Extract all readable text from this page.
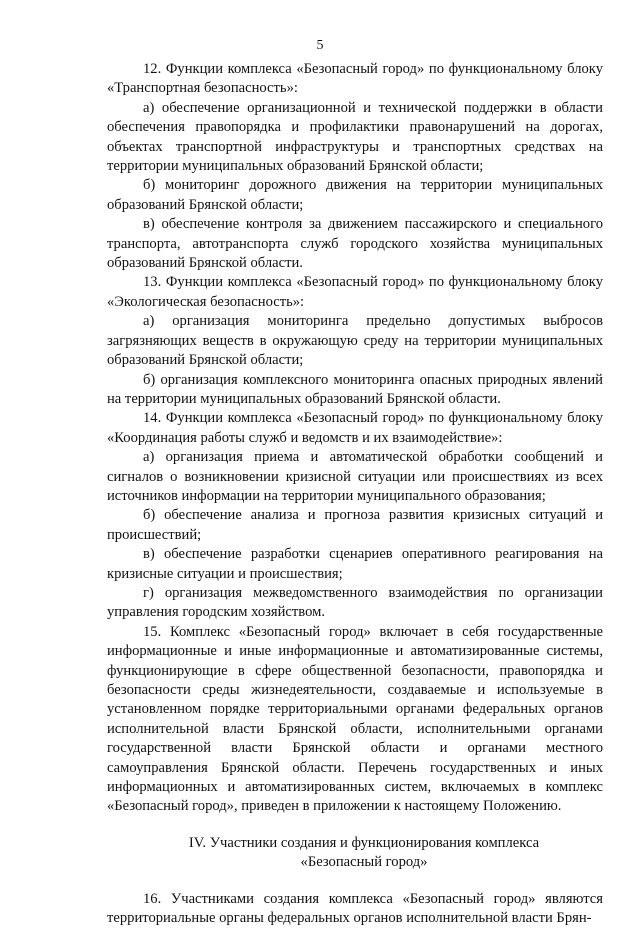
5

12. Функции комплекса «Безопасный город» по функциональному блоку «Транспортная безопасность»:

а) обеспечение организационной и технической поддержки в области обеспечения правопорядка и профилактики правонарушений на дорогах, объектах транспортной инфраструктуры и транспортных средствах на территории муниципальных образований Брянской области;

б) мониторинг дорожного движения на территории муниципальных образований Брянской области;

в) обеспечение контроля за движением пассажирского и специального транспорта, автотранспорта служб городского хозяйства муниципальных образований Брянской области.

13. Функции комплекса «Безопасный город» по функциональному блоку «Экологическая безопасность»:

а) организация мониторинга предельно допустимых выбросов загрязняющих веществ в окружающую среду на территории муниципальных образований Брянской области;

б) организация комплексного мониторинга опасных природных явлений на территории муниципальных образований Брянской области.

14. Функции комплекса «Безопасный город» по функциональному блоку «Координация работы служб и ведомств и их взаимодействие»:

а) организация приема и автоматической обработки сообщений и сигналов о возникновении кризисной ситуации или происшествиях из всех источников информации на территории муниципального образования;

б) обеспечение анализа и прогноза развития кризисных ситуаций и происшествий;

в) обеспечение разработки сценариев оперативного реагирования на кризисные ситуации и происшествия;

г) организация межведомственного взаимодействия по организации управления городским хозяйством.

15. Комплекс «Безопасный город» включает в себя государственные информационные и иные информационные и автоматизированные системы, функционирующие в сфере общественной безопасности, правопорядка и безопасности среды жизнедеятельности, создаваемые и используемые в установленном порядке территориальными органами федеральных органов исполнительной власти Брянской области, исполнительными органами государственной власти Брянской области и органами местного самоуправления Брянской области. Перечень государственных и иных информационных и автоматизированных систем, включаемых в комплекс «Безопасный город», приведен в приложении к настоящему Положению.

IV. Участники создания и функционирования комплекса

«Безопасный город»

16. Участниками создания комплекса «Безопасный город» являются территориальные органы федеральных органов исполнительной власти Брян-
